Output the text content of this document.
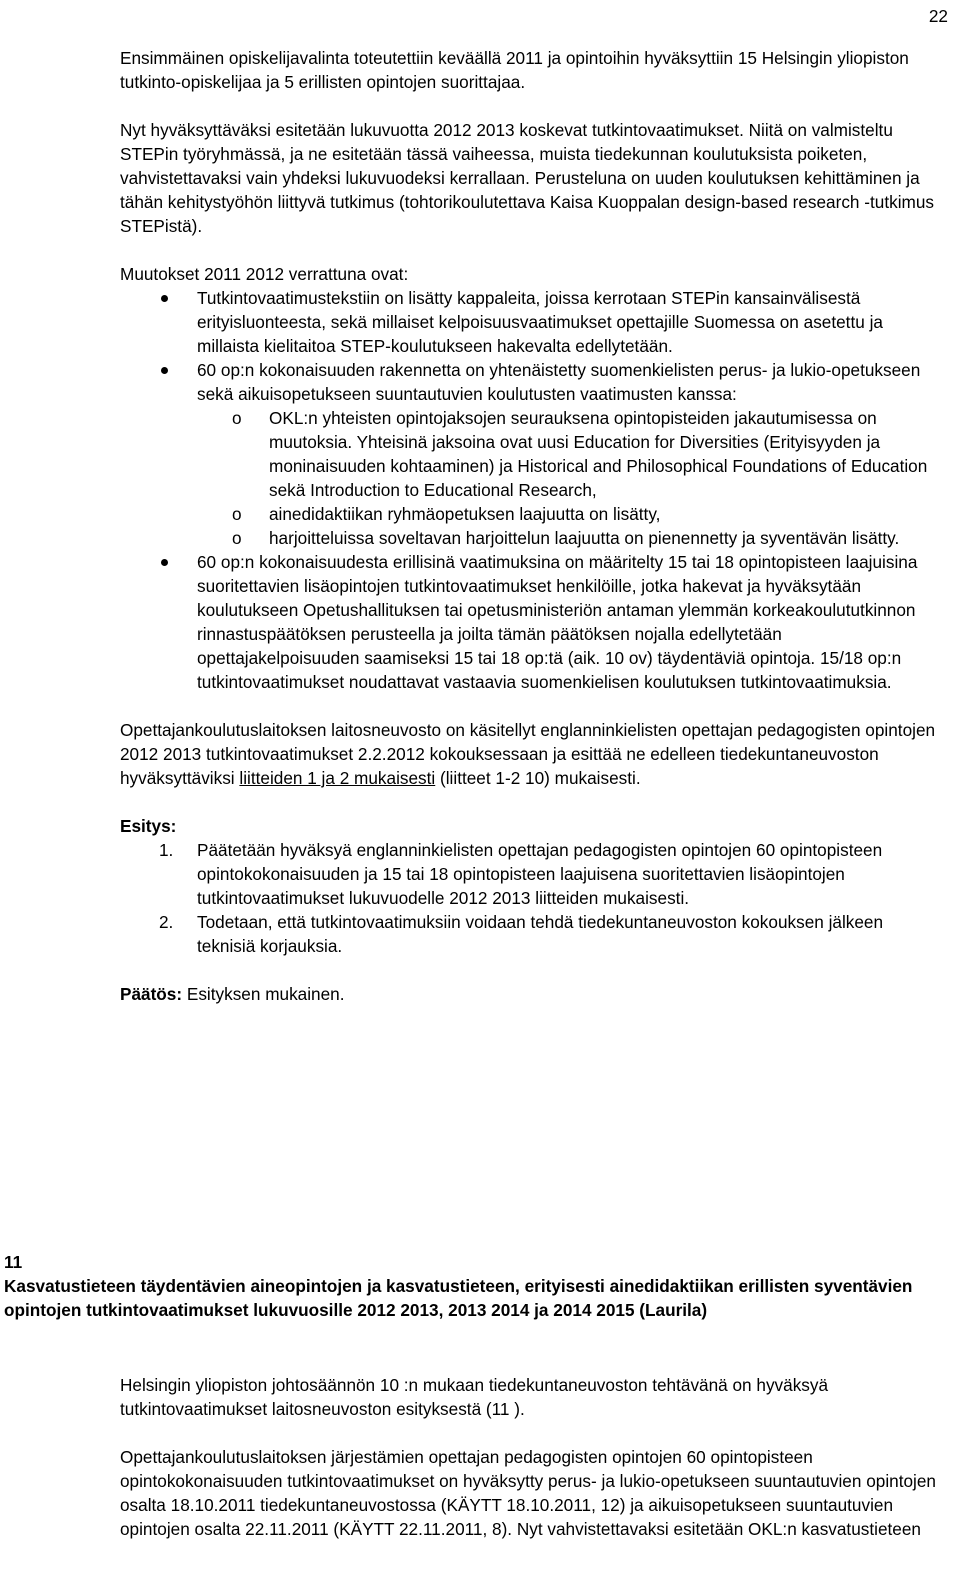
22

Ensimmäinen opiskelijavalinta toteutettiin keväällä 2011 ja opintoihin hyväksyttiin 15 Helsingin yliopiston tutkinto-opiskelijaa ja 5 erillisten opintojen suorittajaa.

Nyt hyväksyttäväksi esitetään lukuvuotta 2012 2013 koskevat tutkintovaatimukset. Niitä on valmisteltu STEPin työryhmässä, ja ne esitetään tässä vaiheessa, muista tiedekunnan koulutuksista poiketen, vahvistettavaksi vain yhdeksi lukuvuodeksi kerrallaan. Perusteluna on uuden koulutuksen kehittäminen ja tähän kehitystyöhön liittyvä tutkimus (tohtorikoulutettava Kaisa Kuoppalan design-based research -tutkimus STEPistä).

Muutokset 2011 2012 verrattuna ovat:

Tutkintovaatimustekstiin on lisätty kappaleita, joissa kerrotaan STEPin kansainvälisestä erityisluonteesta, sekä millaiset kelpoisuusvaatimukset opettajille Suomessa on asetettu ja millaista kielitaitoa STEP-koulutukseen hakevalta edellytetään.
60 op:n kokonaisuuden rakennetta on yhtenäistetty suomenkielisten perus- ja lukio-opetukseen sekä aikuisopetukseen suuntautuvien koulutusten vaatimusten kanssa:
o OKL:n yhteisten opintojaksojen seurauksena opintopisteiden jakautumisessa on muutoksia. Yhteisinä jaksoina ovat uusi Education for Diversities (Erityisyyden ja moninaisuuden kohtaaminen) ja Historical and Philosophical Foundations of Education sekä Introduction to Educational Research,
o ainedidaktiikan ryhmäopetuksen laajuutta on lisätty,
o harjoitteluissa soveltavan harjoittelun laajuutta on pienennetty ja syventävän lisätty.
60 op:n kokonaisuudesta erillisinä vaatimuksina on määritelty 15 tai 18 opintopisteen laajuisina suoritettavien lisäopintojen tutkintovaatimukset henkilöille, jotka hakevat ja hyväksytään koulutukseen Opetushallituksen tai opetusministeriön antaman ylemmän korkeakoulututkinnon rinnastuspäätöksen perusteella ja joilta tämän päätöksen nojalla edellytetään opettajakelpoisuuden saamiseksi 15 tai 18 op:tä (aik. 10 ov) täydentäviä opintoja. 15/18 op:n tutkintovaatimukset noudattavat vastaavia suomenkielisen koulutuksen tutkintovaatimuksia.

Opettajankoulutuslaitoksen laitosneuvosto on käsitellyt englanninkielisten opettajan pedagogisten opintojen 2012 2013 tutkintovaatimukset 2.2.2012 kokouksessaan ja esittää ne edelleen tiedekuntaneuvoston hyväksyttäviksi liitteiden 1 ja 2 mukaisesti (liitteet 1-2 10) mukaisesti.

Esitys:

1. Päätetään hyväksyä englanninkielisten opettajan pedagogisten opintojen 60 opintopisteen opintokokonaisuuden ja 15 tai 18 opintopisteen laajuisena suoritettavien lisäopintojen tutkintovaatimukset lukuvuodelle 2012 2013 liitteiden mukaisesti.
2. Todetaan, että tutkintovaatimuksiin voidaan tehdä tiedekuntaneuvoston kokouksen jälkeen teknisiä korjauksia.

Päätös: Esityksen mukainen.

11
Kasvatustieteen täydentävien aineopintojen ja kasvatustieteen, erityisesti ainedidaktiikan erillisten syventävien opintojen tutkintovaatimukset lukuvuosille 2012 2013, 2013 2014 ja 2014 2015 (Laurila)

Helsingin yliopiston johtosäännön 10 :n mukaan tiedekuntaneuvoston tehtävänä on hyväksyä tutkintovaatimukset laitosneuvoston esityksestä (11 ).

Opettajankoulutuslaitoksen järjestämien opettajan pedagogisten opintojen 60 opintopisteen opintokokonaisuuden tutkintovaatimukset on hyväksytty perus- ja lukio-opetukseen suuntautuvien opintojen osalta 18.10.2011 tiedekuntaneuvostossa (KÄYTT 18.10.2011, 12) ja aikuisopetukseen suuntautuvien opintojen osalta 22.11.2011 (KÄYTT 22.11.2011, 8). Nyt vahvistettavaksi esitetään OKL:n kasvatustieteen
